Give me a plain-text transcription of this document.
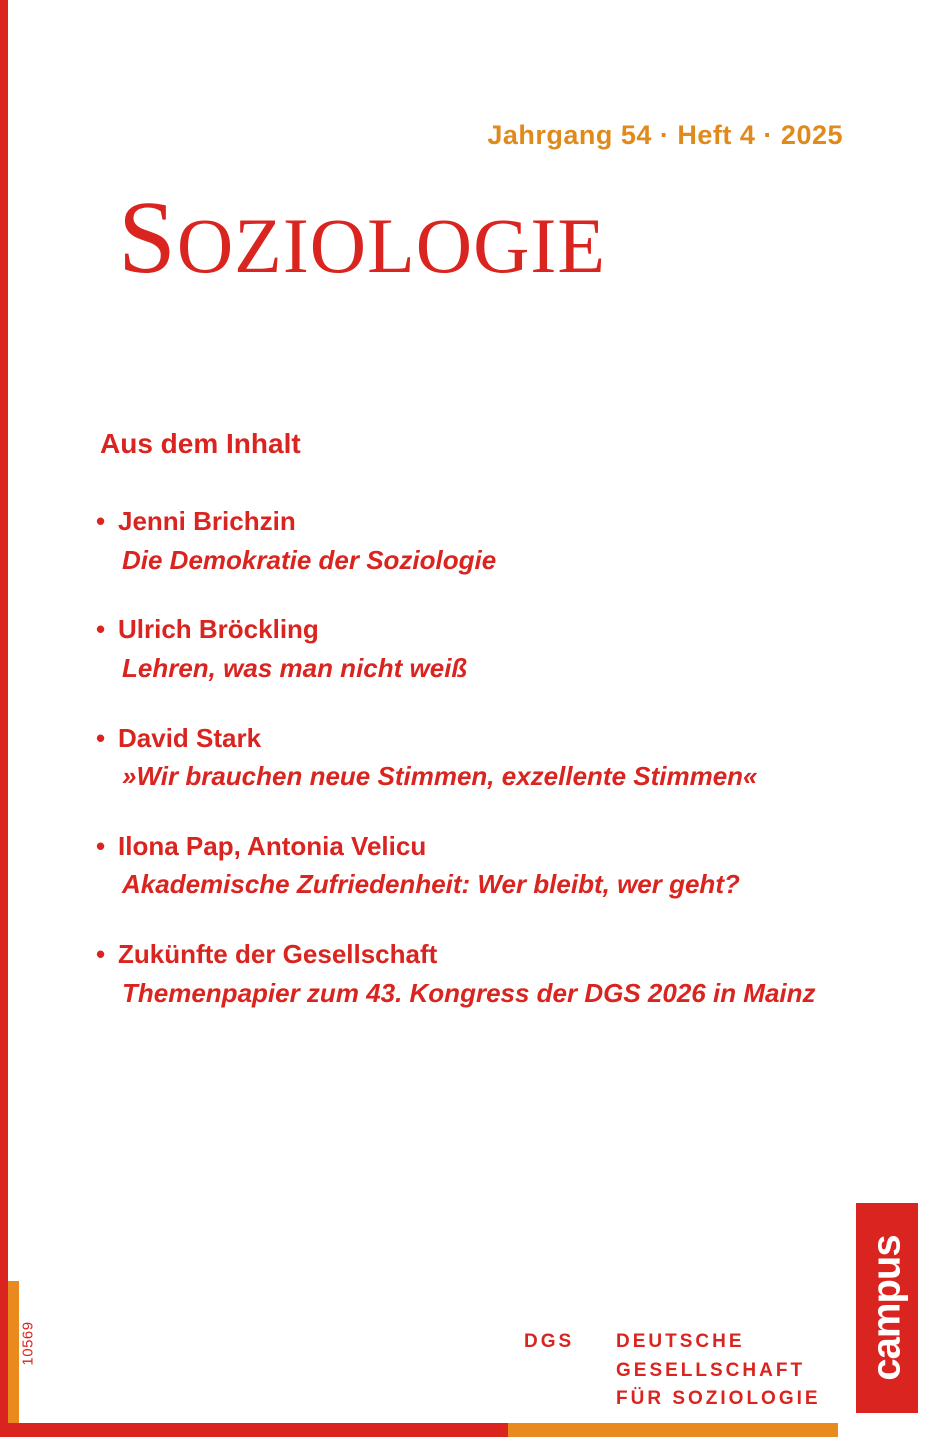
10569
Jahrgang 54 · Heft 4 · 2025
SOZIOLOGIE
Aus dem Inhalt
• Jenni Brichzin
Die Demokratie der Soziologie
• Ulrich Bröckling
Lehren, was man nicht weiß
• David Stark
»Wir brauchen neue Stimmen, exzellente Stimmen«
• Ilona Pap, Antonia Velicu
Akademische Zufriedenheit: Wer bleibt, wer geht?
• Zukünfte der Gesellschaft
Themenpapier zum 43. Kongress der DGS 2026 in Mainz
campus
DGS DEUTSCHE
GESELLSCHAFT
FÜR SOZIOLOGIE
